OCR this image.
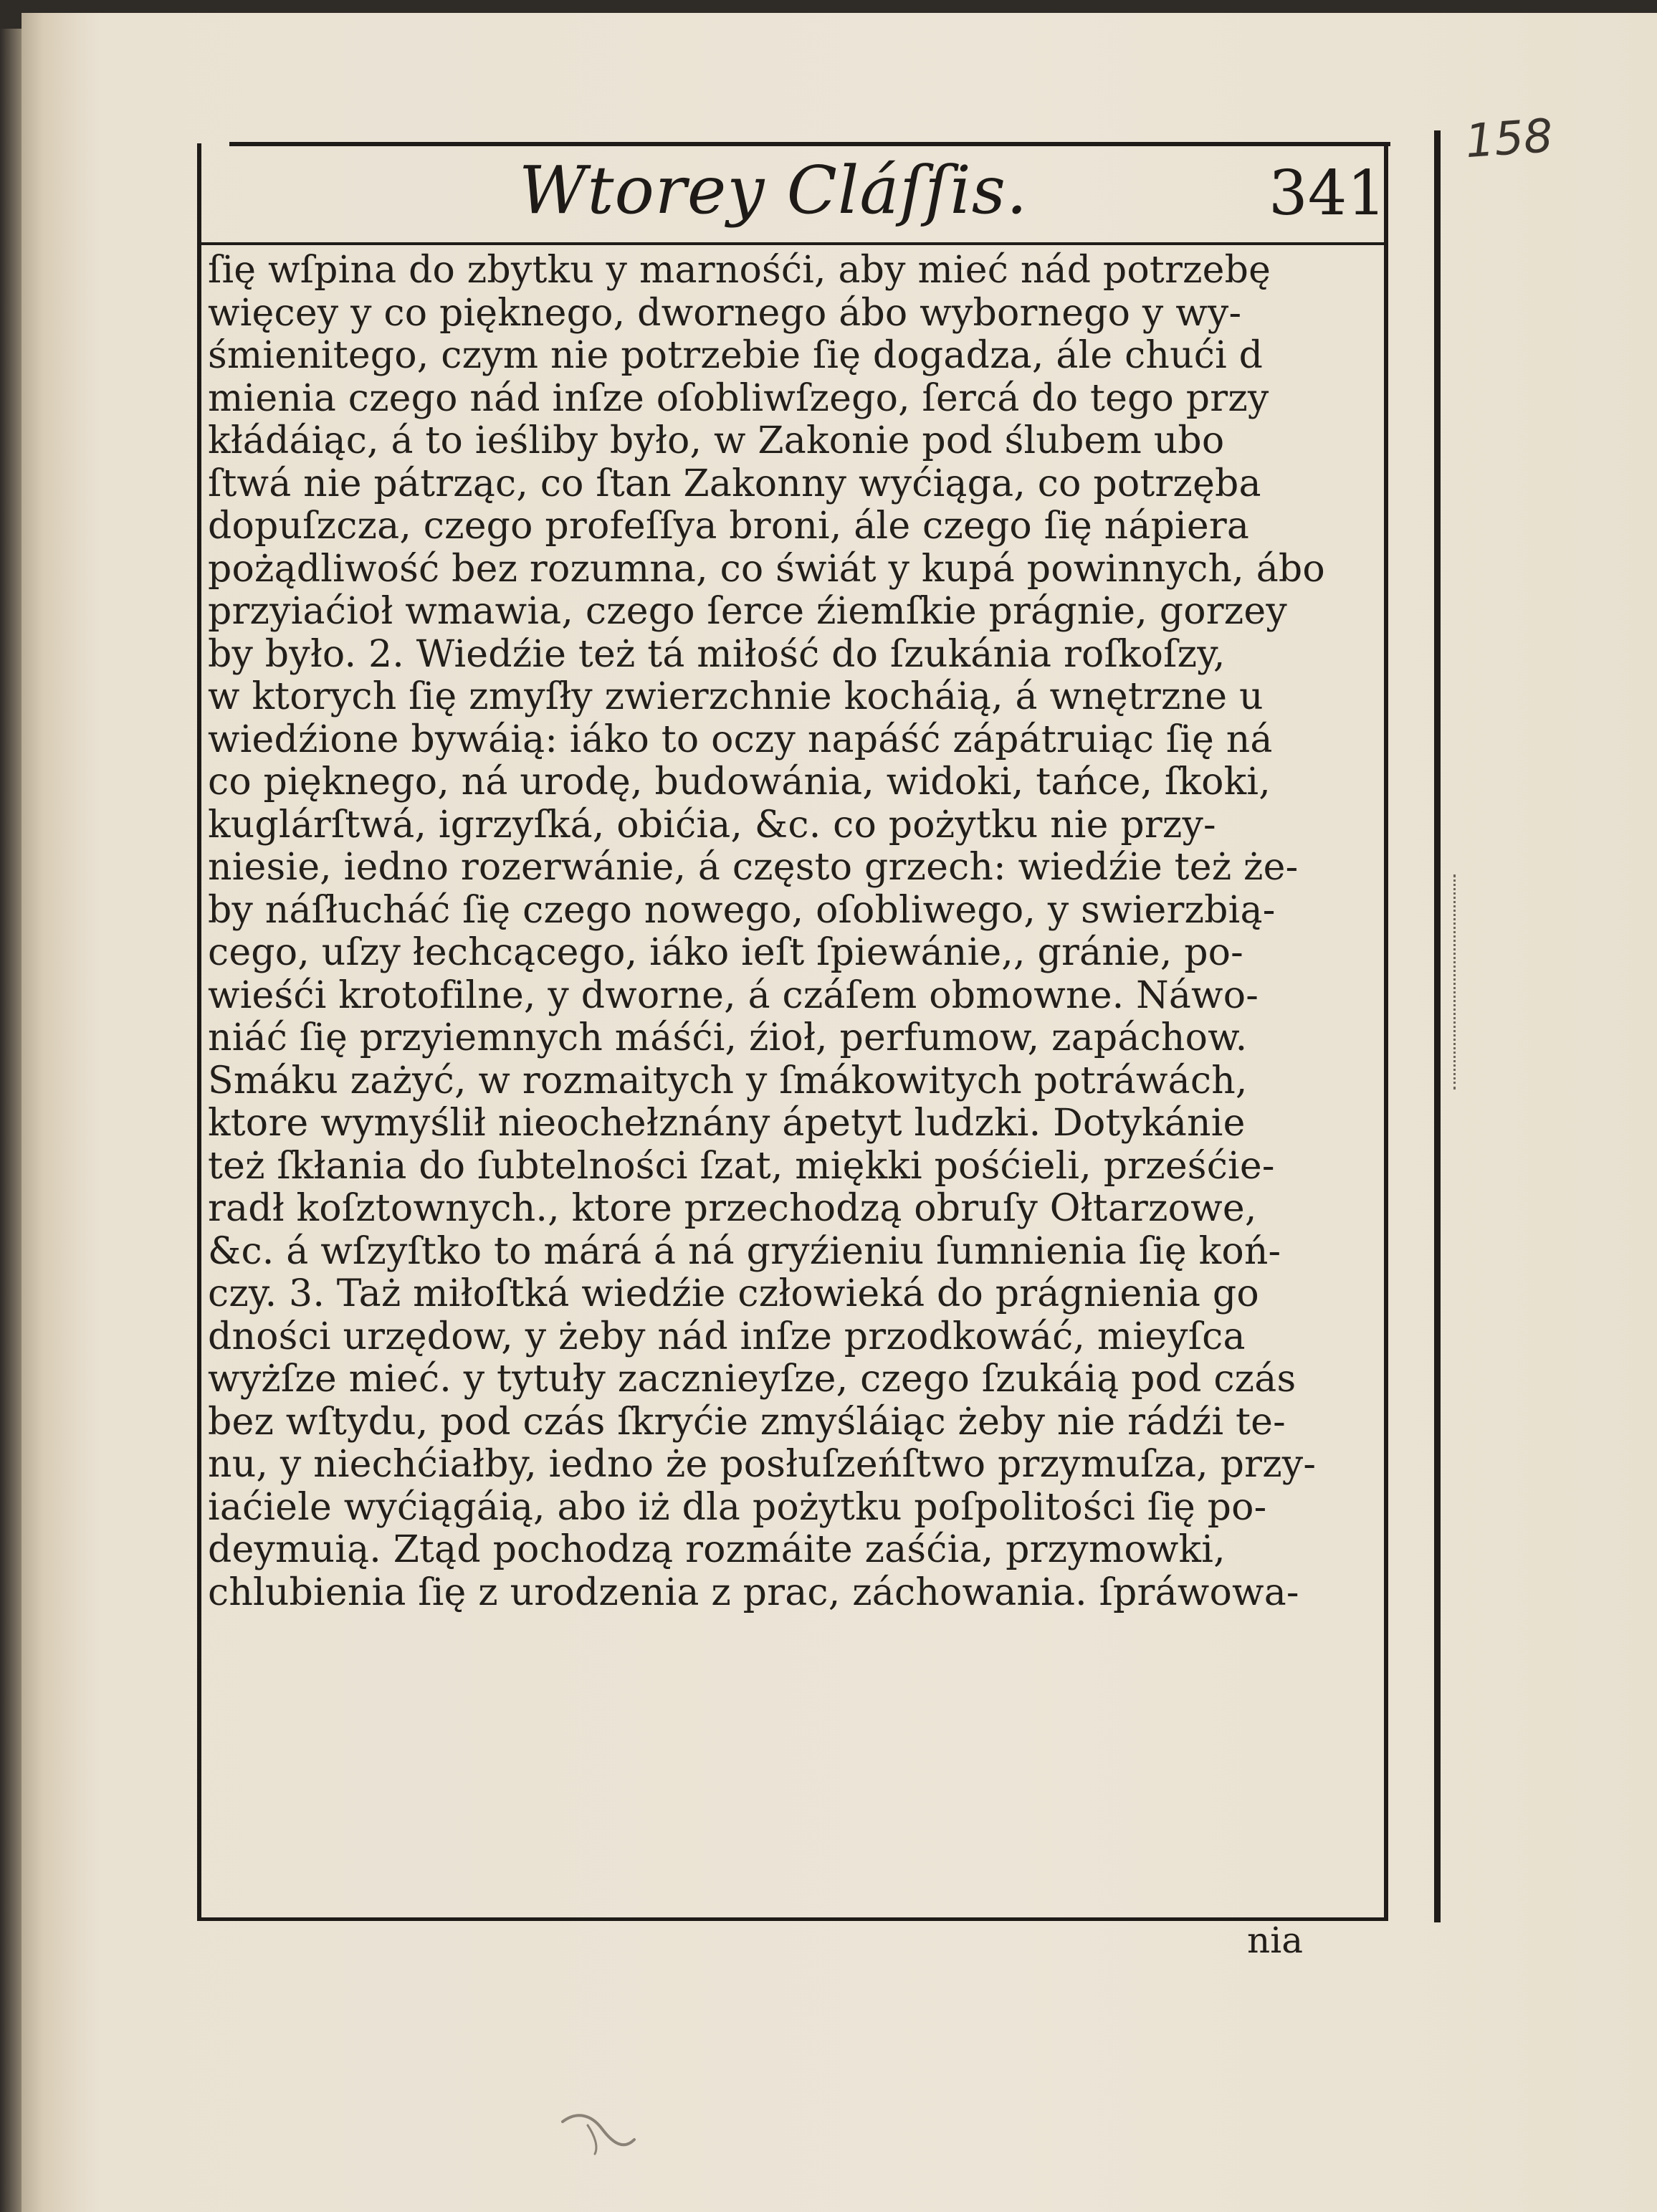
Wtorey Cláſſis.	341
158
ſię wſpina do zbytku y marnośći, aby mieć nád potrzebę
więcey y co pięknego, dwornego ábo wybornego y wy-
śmienitego, czym nie potrzebie ſię dogadza, ále chući d
mienia czego nád inſze oſobliwſzego, ſercá do tego przy
kłádáiąc, á to ieśliby było, w Zakonie pod ślubem ubo
ſtwá nie pátrząc, co ſtan Zakonny wyćiąga, co potrzęba
dopuſzcza, czego profeſſya broni, ále czego ſię nápiera
pożądliwość bez rozumna, co świát y kupá powinnych, ábo
przyiaćioł wmawia, czego ſerce źiemſkie prágnie, gorzey
by było. 2. Wiedźie też tá miłość do ſzukánia roſkoſzy,
w ktorych ſię zmyſły zwierzchnie kocháią, á wnętrzne u
wiedźione bywáią: iáko to oczy napáść zápátruiąc ſię ná
co pięknego, ná urodę, budowánia, widoki, tańce, ſkoki,
kuglárſtwá, igrzyſká, obićia, &c. co pożytku nie przy-
niesie, iedno rozerwánie, á często grzech: wiedźie też że-
by náſłucháć ſię czego nowego, oſobliwego, y swierzbią-
cego, uſzy łechcącego, iáko ieſt ſpiewánie,, gránie, po-
wieśći krotofilne, y dworne, á czáſem obmowne. Náwo-
niáć ſię przyiemnych máśći, źioł, perfumow, zapáchow.
Smáku zażyć, w rozmaitych y ſmákowitych potráwách,
ktore wymyślił nieochełznány ápetyt ludzki. Dotykánie
też ſkłania do ſubtelności ſzat, miękki pośćieli, prześćie-
radł koſztownych., ktore przechodzą obruſy Ołtarzowe,
&c. á wſzyſtko to márá á ná gryźieniu ſumnienia ſię koń-
czy. 3. Taż miłoſtká wiedźie człowieká do prágnienia go
dności urzędow, y żeby nád inſze przodkowáć, mieyſca
wyżſze mieć. y tytuły zacznieyſze, czego ſzukáią pod czás
bez wſtydu, pod czás ſkryćie zmyśláiąc żeby nie rádźi te-
nu, y niechćiałby, iedno że posłuſzeńſtwo przymuſza, przy-
iaćiele wyćiągáią, abo iż dla pożytku poſpolitości ſię po-
deymuią. Ztąd pochodzą rozmáite zaśćia, przymowki,
chlubienia ſię z urodzenia z prac, záchowania. ſpráwowa-
nia
